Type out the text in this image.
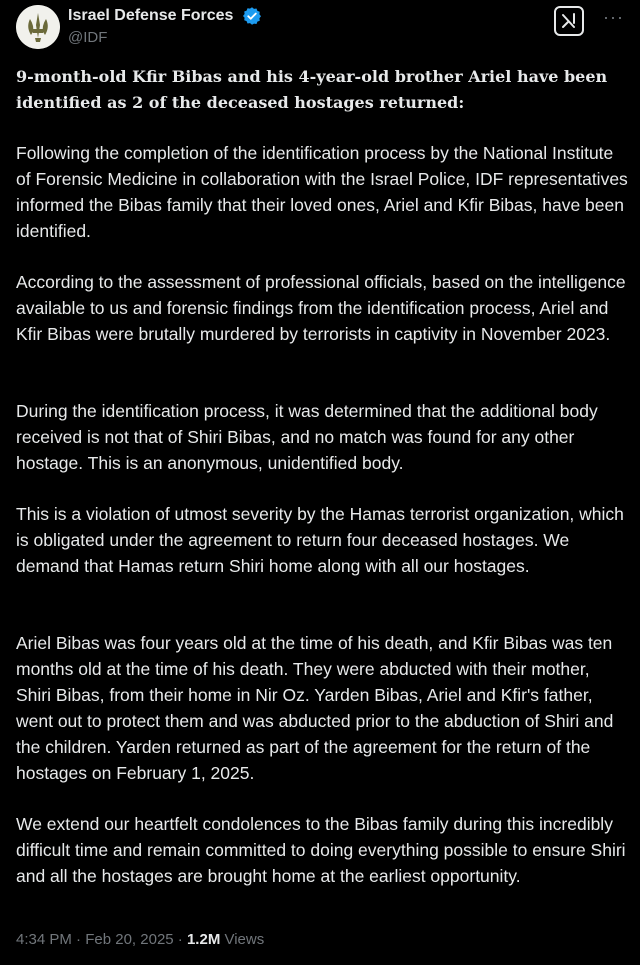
Israel Defense Forces
@IDF
···
9-month-old Kfir Bibas and his 4-year-old brother Ariel have been identified as 2 of the deceased hostages returned:

Following the completion of the identification process by the National Institute of Forensic Medicine in collaboration with the Israel Police, IDF representatives informed the Bibas family that their loved ones, Ariel and Kfir Bibas, have been identified.

According to the assessment of professional officials, based on the intelligence available to us and forensic findings from the identification process, Ariel and Kfir Bibas were brutally murdered by terrorists in captivity in November 2023.

During the identification process, it was determined that the additional body received is not that of Shiri Bibas, and no match was found for any other hostage. This is an anonymous, unidentified body.

This is a violation of utmost severity by the Hamas terrorist organization, which is obligated under the agreement to return four deceased hostages. We demand that Hamas return Shiri home along with all our hostages.

Ariel Bibas was four years old at the time of his death, and Kfir Bibas was ten months old at the time of his death. They were abducted with their mother, Shiri Bibas, from their home in Nir Oz. Yarden Bibas, Ariel and Kfir's father, went out to protect them and was abducted prior to the abduction of Shiri and the children. Yarden returned as part of the agreement for the return of the hostages on February 1, 2025.

We extend our heartfelt condolences to the Bibas family during this incredibly difficult time and remain committed to doing everything possible to ensure Shiri and all the hostages are brought home at the earliest opportunity.

4:34 PM · Feb 20, 2025 · 1.2M Views
